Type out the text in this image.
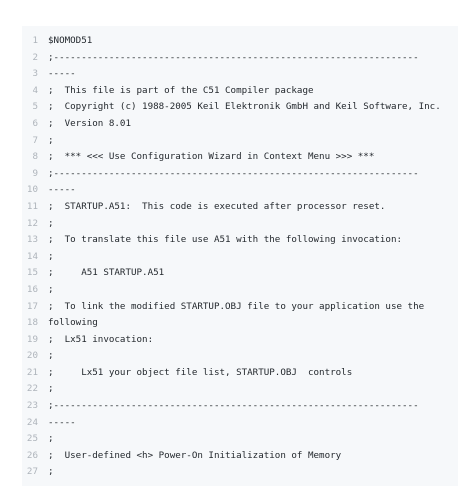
1	$NOMOD51
2	;------------------------------------------------------------------
3	-----
4	;  This file is part of the C51 Compiler package
5	;  Copyright (c) 1988-2005 Keil Elektronik GmbH and Keil Software, Inc.
6	;  Version 8.01
7	;
8	;  *** <<< Use Configuration Wizard in Context Menu >>> ***
9	;------------------------------------------------------------------
10	-----
11	;  STARTUP.A51:  This code is executed after processor reset.
12	;
13	;  To translate this file use A51 with the following invocation:
14	;
15	;     A51 STARTUP.A51
16	;
17	;  To link the modified STARTUP.OBJ file to your application use the
18	following
19	;  Lx51 invocation:
20	;
21	;     Lx51 your object file list, STARTUP.OBJ  controls
22	;
23	;------------------------------------------------------------------
24	-----
25	;
26	;  User-defined <h> Power-On Initialization of Memory
27	;
